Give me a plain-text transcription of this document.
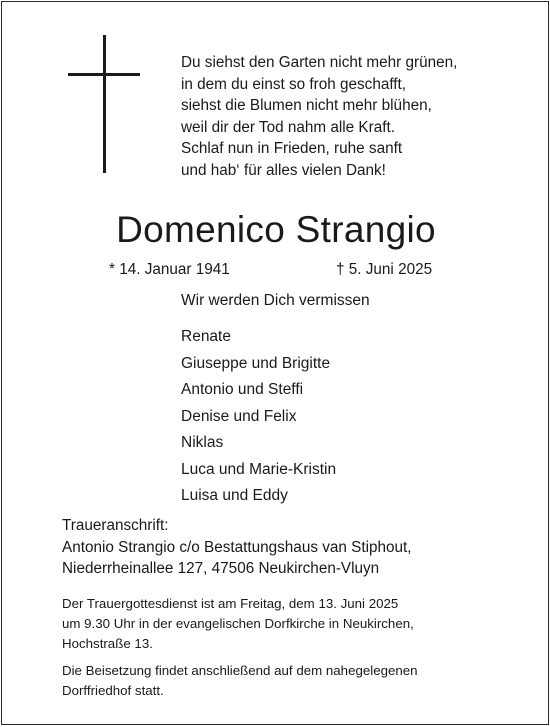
Du siehst den Garten nicht mehr grünen,
in dem du einst so froh geschafft,
siehst die Blumen nicht mehr blühen,
weil dir der Tod nahm alle Kraft.
Schlaf nun in Frieden, ruhe sanft
und hab‘ für alles vielen Dank!
Domenico Strangio
* 14. Januar 1941	† 5. Juni 2025
Wir werden Dich vermissen
Renate
Giuseppe und Brigitte
Antonio und Steffi
Denise und Felix
Niklas
Luca und Marie-Kristin
Luisa und Eddy
Traueranschrift:
Antonio Strangio c/o Bestattungshaus van Stiphout,
Niederrheinallee 127, 47506 Neukirchen-Vluyn
Der Trauergottesdienst ist am Freitag, dem 13. Juni 2025
um 9.30 Uhr in der evangelischen Dorfkirche in Neukirchen,
Hochstraße 13.
Die Beisetzung findet anschließend auf dem nahegelegenen
Dorffriedhof statt.
